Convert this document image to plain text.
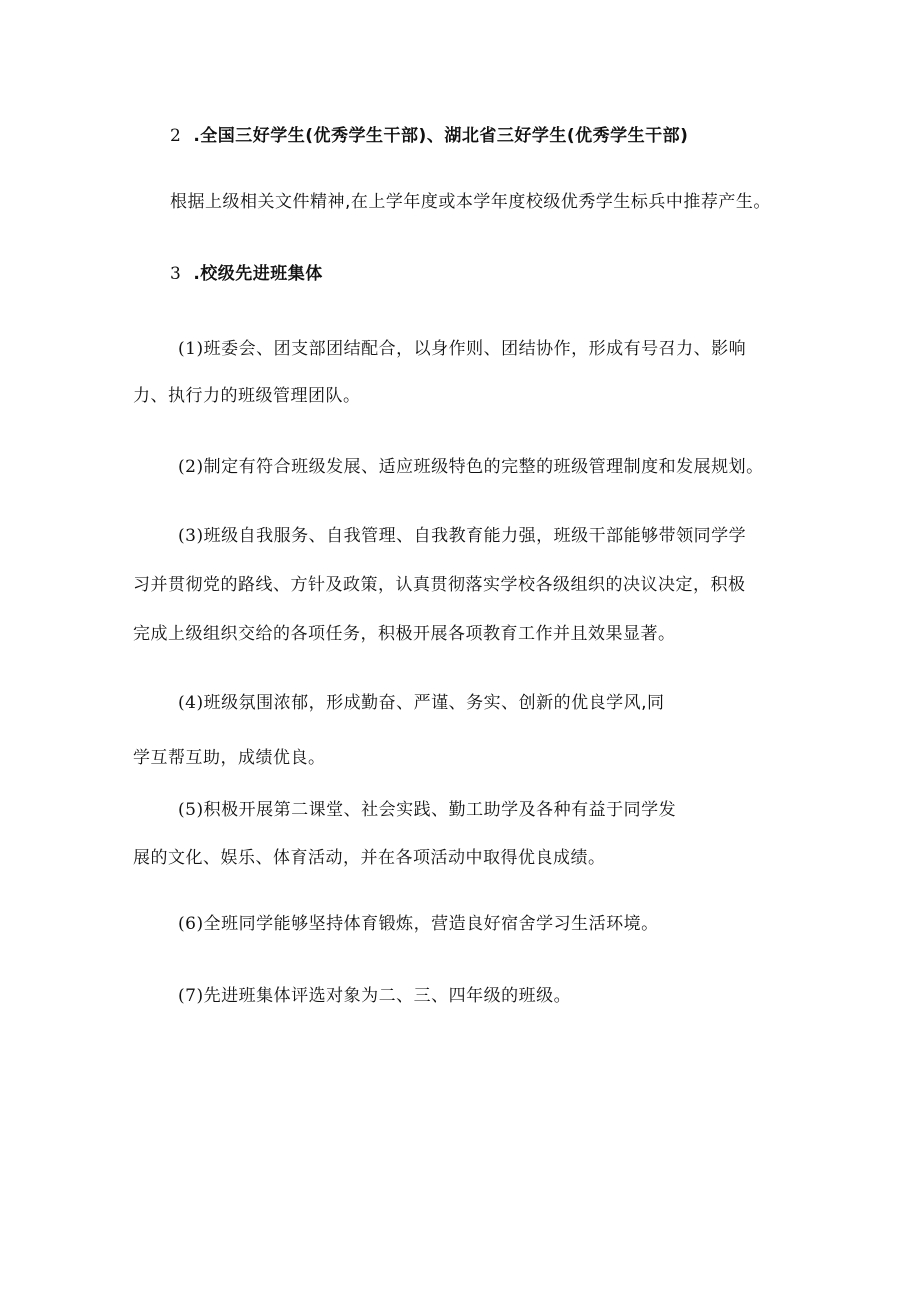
2 .全国三好学生(优秀学生干部)、湖北省三好学生(优秀学生干部)
根据上级相关文件精神,在上学年度或本学年度校级优秀学生标兵中推荐产生。
3 .校级先进班集体
(1)班委会、团支部团结配合，以身作则、团结协作，形成有号召力、影响
力、执行力的班级管理团队。
(2)制定有符合班级发展、适应班级特色的完整的班级管理制度和发展规划。
(3)班级自我服务、自我管理、自我教育能力强，班级干部能够带领同学学
习并贯彻党的路线、方针及政策，认真贯彻落实学校各级组织的决议决定，积极
完成上级组织交给的各项任务，积极开展各项教育工作并且效果显著。
(4)班级氛围浓郁，形成勤奋、严谨、务实、创新的优良学风,同
学互帮互助，成绩优良。
(5)积极开展第二课堂、社会实践、勤工助学及各种有益于同学发
展的文化、娱乐、体育活动，并在各项活动中取得优良成绩。
(6)全班同学能够坚持体育锻炼，营造良好宿舍学习生活环境。
(7)先进班集体评选对象为二、三、四年级的班级。
